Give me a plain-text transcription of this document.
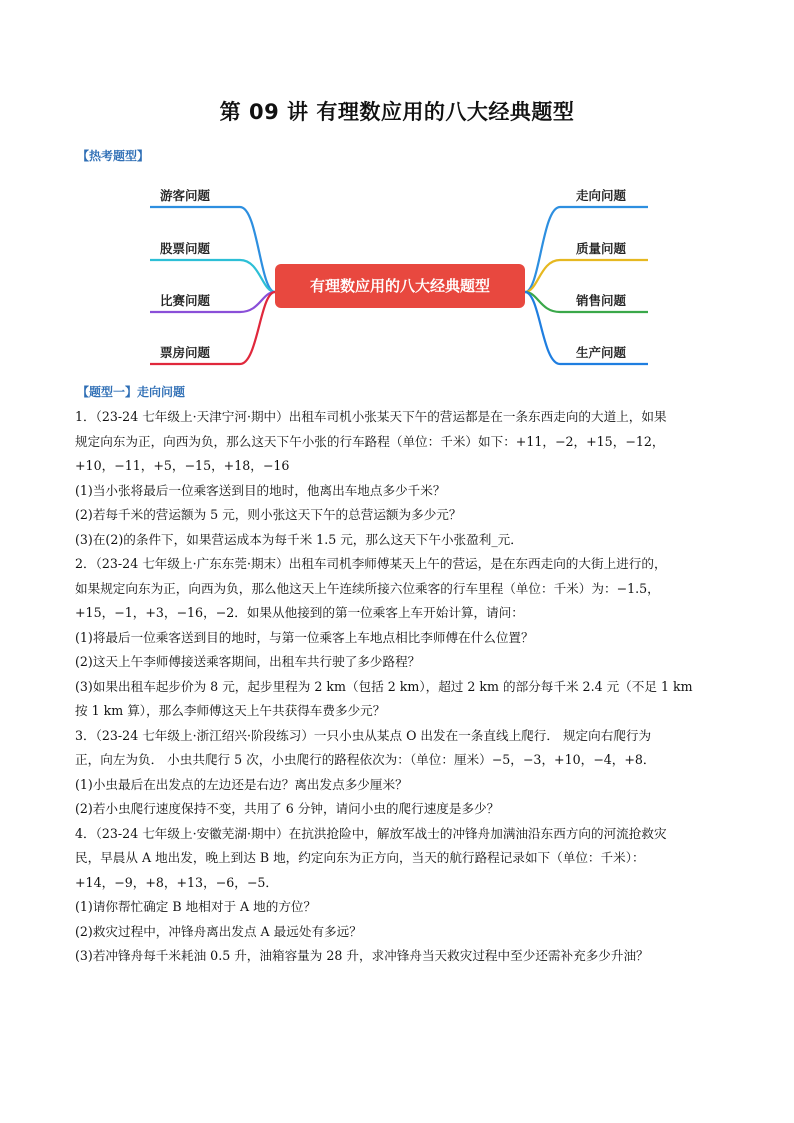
第 09 讲 有理数应用的八大经典题型
【热考题型】
有理数应用的八大经典题型
游客问题
股票问题
比赛问题
票房问题
走向问题
质量问题
销售问题
生产问题
【题型一】走向问题

1．（23-24 七年级上·天津宁河·期中）出租车司机小张某天下午的营运都是在一条东西走向的大道上，如果

规定向东为正，向西为负，那么这天下午小张的行车路程（单位：千米）如下：+11，−2，+15，−12，

+10，−11，+5，−15，+18，−16

(1)当小张将最后一位乘客送到目的地时，他离出车地点多少千米？

(2)若每千米的营运额为 5 元，则小张这天下午的总营运额为多少元？

(3)在(2)的条件下，如果营运成本为每千米 1.5 元，那么这天下午小张盈利_元．

2．（23-24 七年级上·广东东莞·期末）出租车司机李师傅某天上午的营运，是在东西走向的大街上进行的，

如果规定向东为正，向西为负，那么他这天上午连续所接六位乘客的行车里程（单位：千米）为：−1.5，

+15，−1，+3，−16，−2．如果从他接到的第一位乘客上车开始计算，请问：

(1)将最后一位乘客送到目的地时，与第一位乘客上车地点相比李师傅在什么位置？

(2)这天上午李师傅接送乘客期间，出租车共行驶了多少路程？

(3)如果出租车起步价为 8 元，起步里程为 2 km（包括 2 km），超过 2 km 的部分每千米 2.4 元（不足 1 km

按 1 km 算），那么李师傅这天上午共获得车费多少元？

3．（23-24 七年级上·浙江绍兴·阶段练习）一只小虫从某点 O 出发在一条直线上爬行． 规定向右爬行为

正，向左为负． 小虫共爬行 5 次，小虫爬行的路程依次为：（单位：厘米）−5，−3，+10，−4，+8．

(1)小虫最后在出发点的左边还是右边？离出发点多少厘米？

(2)若小虫爬行速度保持不变，共用了 6 分钟，请问小虫的爬行速度是多少？

4．（23-24 七年级上·安徽芜湖·期中）在抗洪抢险中，解放军战士的冲锋舟加满油沿东西方向的河流抢救灾

民，早晨从 A 地出发，晚上到达 B 地，约定向东为正方向，当天的航行路程记录如下（单位：千米）：

+14，−9，+8，+13，−6，−5．

(1)请你帮忙确定 B 地相对于 A 地的方位？

(2)救灾过程中，冲锋舟离出发点 A 最远处有多远？

(3)若冲锋舟每千米耗油 0.5 升，油箱容量为 28 升，求冲锋舟当天救灾过程中至少还需补充多少升油？
